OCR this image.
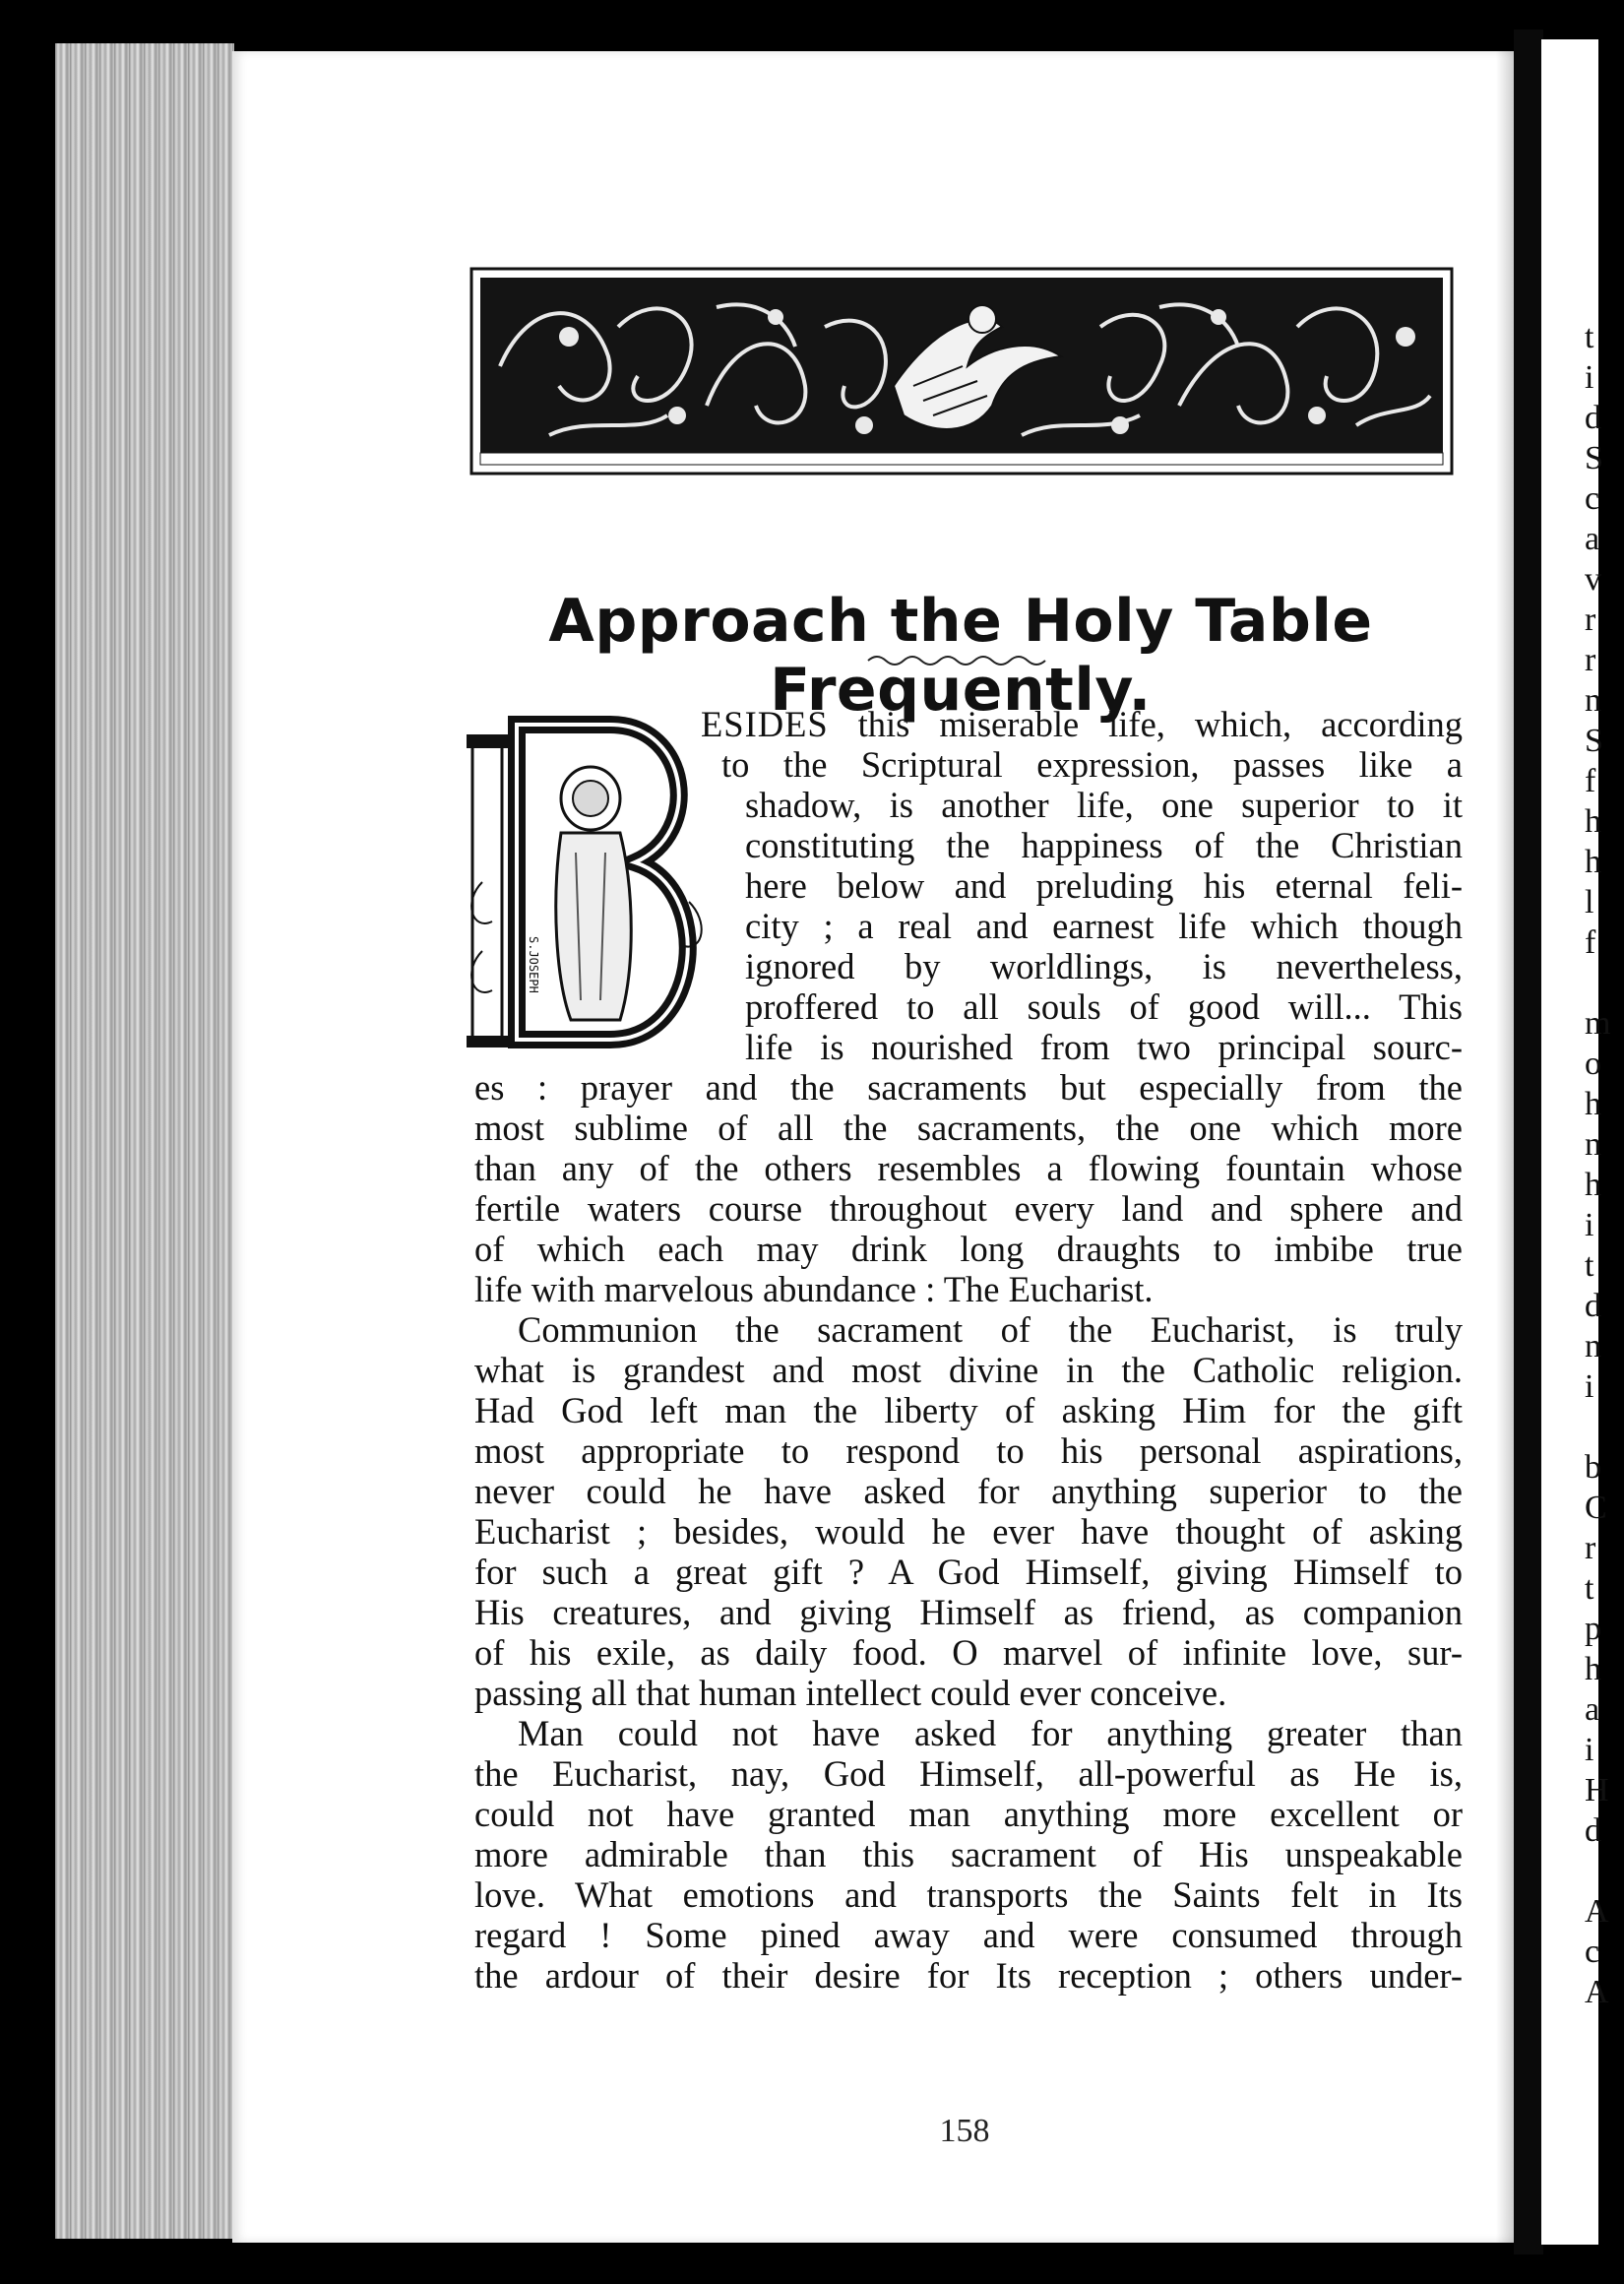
Approach the Holy Table Frequently.
S.JOSEPH
ESIDES this miserable life, which, according
to the Scriptural expression, passes like a
shadow, is another life, one superior to it
constituting the happiness of the Christian
here below and preluding his eternal feli-
city ; a real and earnest life which though
ignored by worldlings, is nevertheless,
proffered to all souls of good will... This
life is nourished from two principal sourc-
es : prayer and the sacraments but especially from the
most sublime of all the sacraments, the one which more
than any of the others resembles a flowing fountain whose
fertile waters course throughout every land and sphere and
of which each may drink long draughts to imbibe true
life with marvelous abundance : The Eucharist.
Communion the sacrament of the Eucharist, is truly
what is grandest and most divine in the Catholic religion.
Had God left man the liberty of asking Him for the gift
most appropriate to respond to his personal aspirations,
never could he have asked for anything superior to the
Eucharist ; besides, would he ever have thought of asking
for such a great gift ? A God Himself, giving Himself to
His creatures, and giving Himself as friend, as companion
of his exile, as daily food. O marvel of infinite love, sur-
passing all that human intellect could ever conceive.
Man could not have asked for anything greater than
the Eucharist, nay, God Himself, all-powerful as He is,
could not have granted man anything more excellent or
more admirable than this sacrament of His unspeakable
love. What emotions and transports the Saints felt in Its
regard ! Some pined away and were consumed through
the ardour of their desire for Its reception ; others under-
158
t
i
d
S
c
a
v
r
r
n
S
f
h
h
l
f
m
o
h
n
h
i
t
d
n
i
b
C
r
t
p
h
a
i
H
d
A
c
A
